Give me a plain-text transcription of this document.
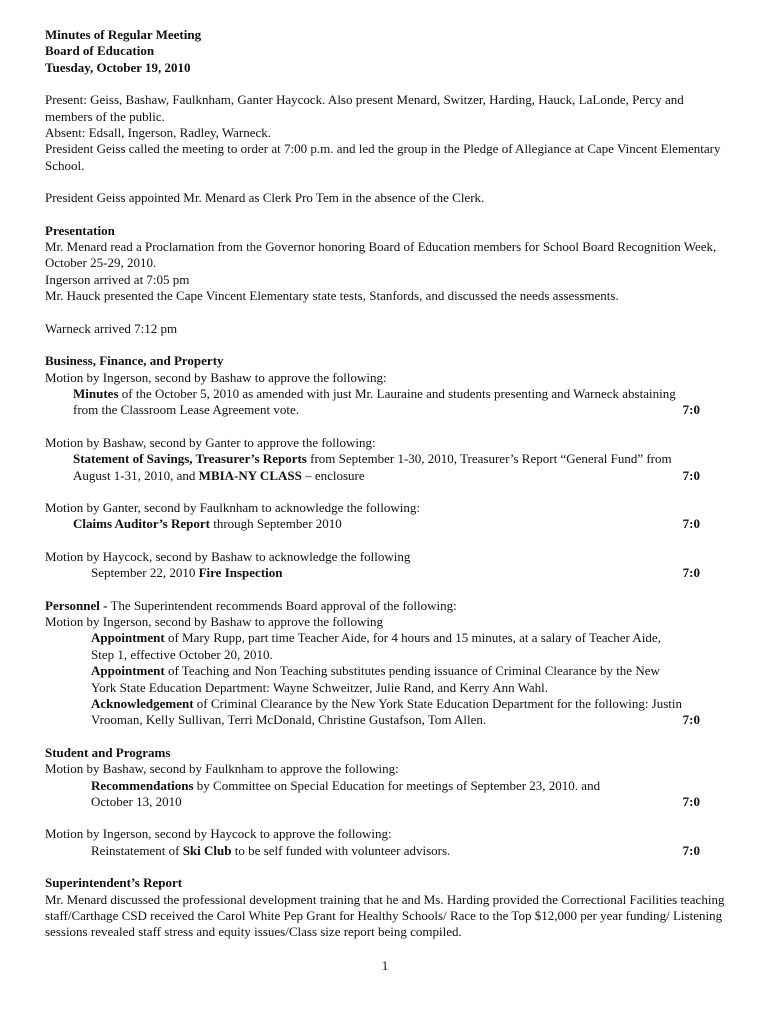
Minutes of Regular Meeting

Board of Education

Tuesday, October 19, 2010

Present: Geiss, Bashaw, Faulknham, Ganter Haycock. Also present Menard, Switzer, Harding, Hauck, LaLonde, Percy and members of the public.

Absent: Edsall, Ingerson, Radley, Warneck.

President Geiss called the meeting to order at 7:00 p.m. and led the group in the Pledge of Allegiance at Cape Vincent Elementary School.

President Geiss appointed Mr. Menard as Clerk Pro Tem in the absence of the Clerk.

Presentation

Mr. Menard read a Proclamation from the Governor honoring Board of Education members for School Board Recognition Week, October 25-29, 2010.

Ingerson arrived at 7:05 pm

Mr. Hauck presented the Cape Vincent Elementary state tests, Stanfords, and discussed the needs assessments.

Warneck arrived 7:12 pm

Business, Finance, and Property

Motion by Ingerson, second by Bashaw to approve the following:

Minutes of the October 5, 2010 as amended with just Mr. Lauraine and students presenting and Warneck abstaining

from the Classroom Lease Agreement vote.	7:0

Motion by Bashaw, second by Ganter to approve the following:

Statement of Savings, Treasurer’s Reports from September 1-30, 2010, Treasurer’s Report “General Fund” from

August 1-31, 2010, and MBIA-NY CLASS – enclosure	7:0

Motion by Ganter, second by Faulknham to acknowledge the following:

Claims Auditor’s Report through September 2010	7:0

Motion by Haycock, second by Bashaw to acknowledge the following

September 22, 2010 Fire Inspection	7:0

Personnel - The Superintendent recommends Board approval of the following:

Motion by Ingerson, second by Bashaw to approve the following

Appointment of Mary Rupp, part time Teacher Aide, for 4 hours and 15 minutes, at a salary of Teacher Aide,

Step 1, effective October 20, 2010.

Appointment of Teaching and Non Teaching substitutes pending issuance of Criminal Clearance by the New

York State Education Department: Wayne Schweitzer, Julie Rand, and Kerry Ann Wahl.

Acknowledgement of Criminal Clearance by the New York State Education Department for the following: Justin

Vrooman, Kelly Sullivan, Terri McDonald, Christine Gustafson, Tom Allen.	7:0

Student and Programs

Motion by Bashaw, second by Faulknham to approve the following:

Recommendations by Committee on Special Education for meetings of September 23, 2010. and

October 13, 2010	7:0

Motion by Ingerson, second by Haycock to approve the following:

Reinstatement of Ski Club to be self funded with volunteer advisors.	7:0

Superintendent’s Report

Mr. Menard discussed the professional development training that he and Ms. Harding provided the Correctional Facilities teaching staff/Carthage CSD received the Carol White Pep Grant for Healthy Schools/ Race to the Top $12,000 per year funding/ Listening sessions revealed staff stress and equity issues/Class size report being compiled.

1
